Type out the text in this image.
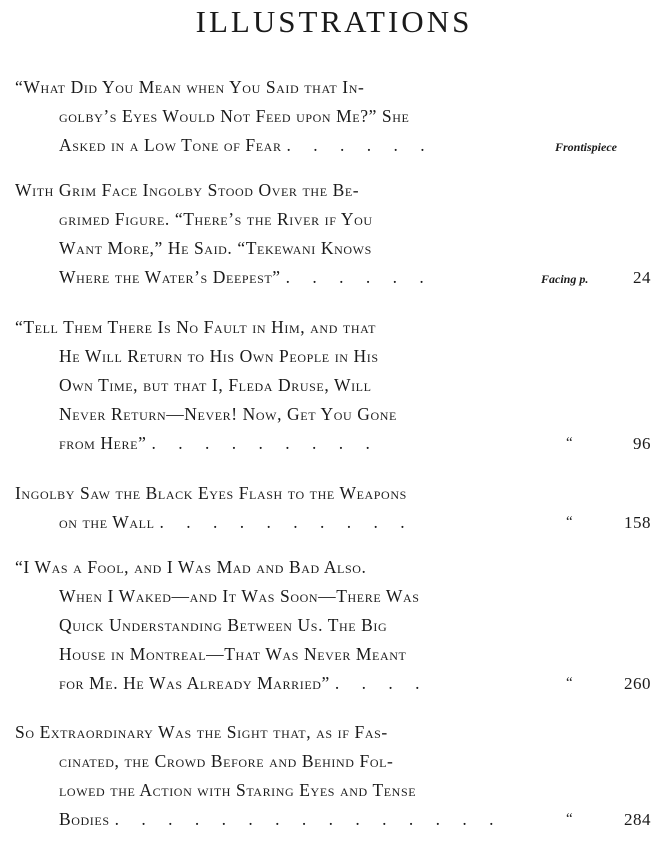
ILLUSTRATIONS
“What Did You Mean when You Said that In-
golby’s Eyes Would Not Feed upon Me?” She
Asked in a Low Tone of Fear . . . . . .	Frontispiece
With Grim Face Ingolby Stood Over the Be-
grimed Figure. “There’s the River if You
Want More,” He Said. “Tekewani Knows
Where the Water’s Deepest” . . . . . .	Facing p.	24
“Tell Them There Is No Fault in Him, and that
He Will Return to His Own People in His
Own Time, but that I, Fleda Druse, Will
Never Return—Never! Now, Get You Gone
from Here” . . . . . . . . .	“	96
Ingolby Saw the Black Eyes Flash to the Weapons
on the Wall . . . . . . . . . .	“	158
“I Was a Fool, and I Was Mad and Bad Also.
When I Waked—and It Was Soon—There Was
Quick Understanding Between Us. The Big
House in Montreal—That Was Never Meant
for Me. He Was Already Married” . . . .	“	260
So Extraordinary Was the Sight that, as if Fas-
cinated, the Crowd Before and Behind Fol-
lowed the Action with Staring Eyes and Tense
Bodies . . . . . . . . . . . . . . .	“	284
